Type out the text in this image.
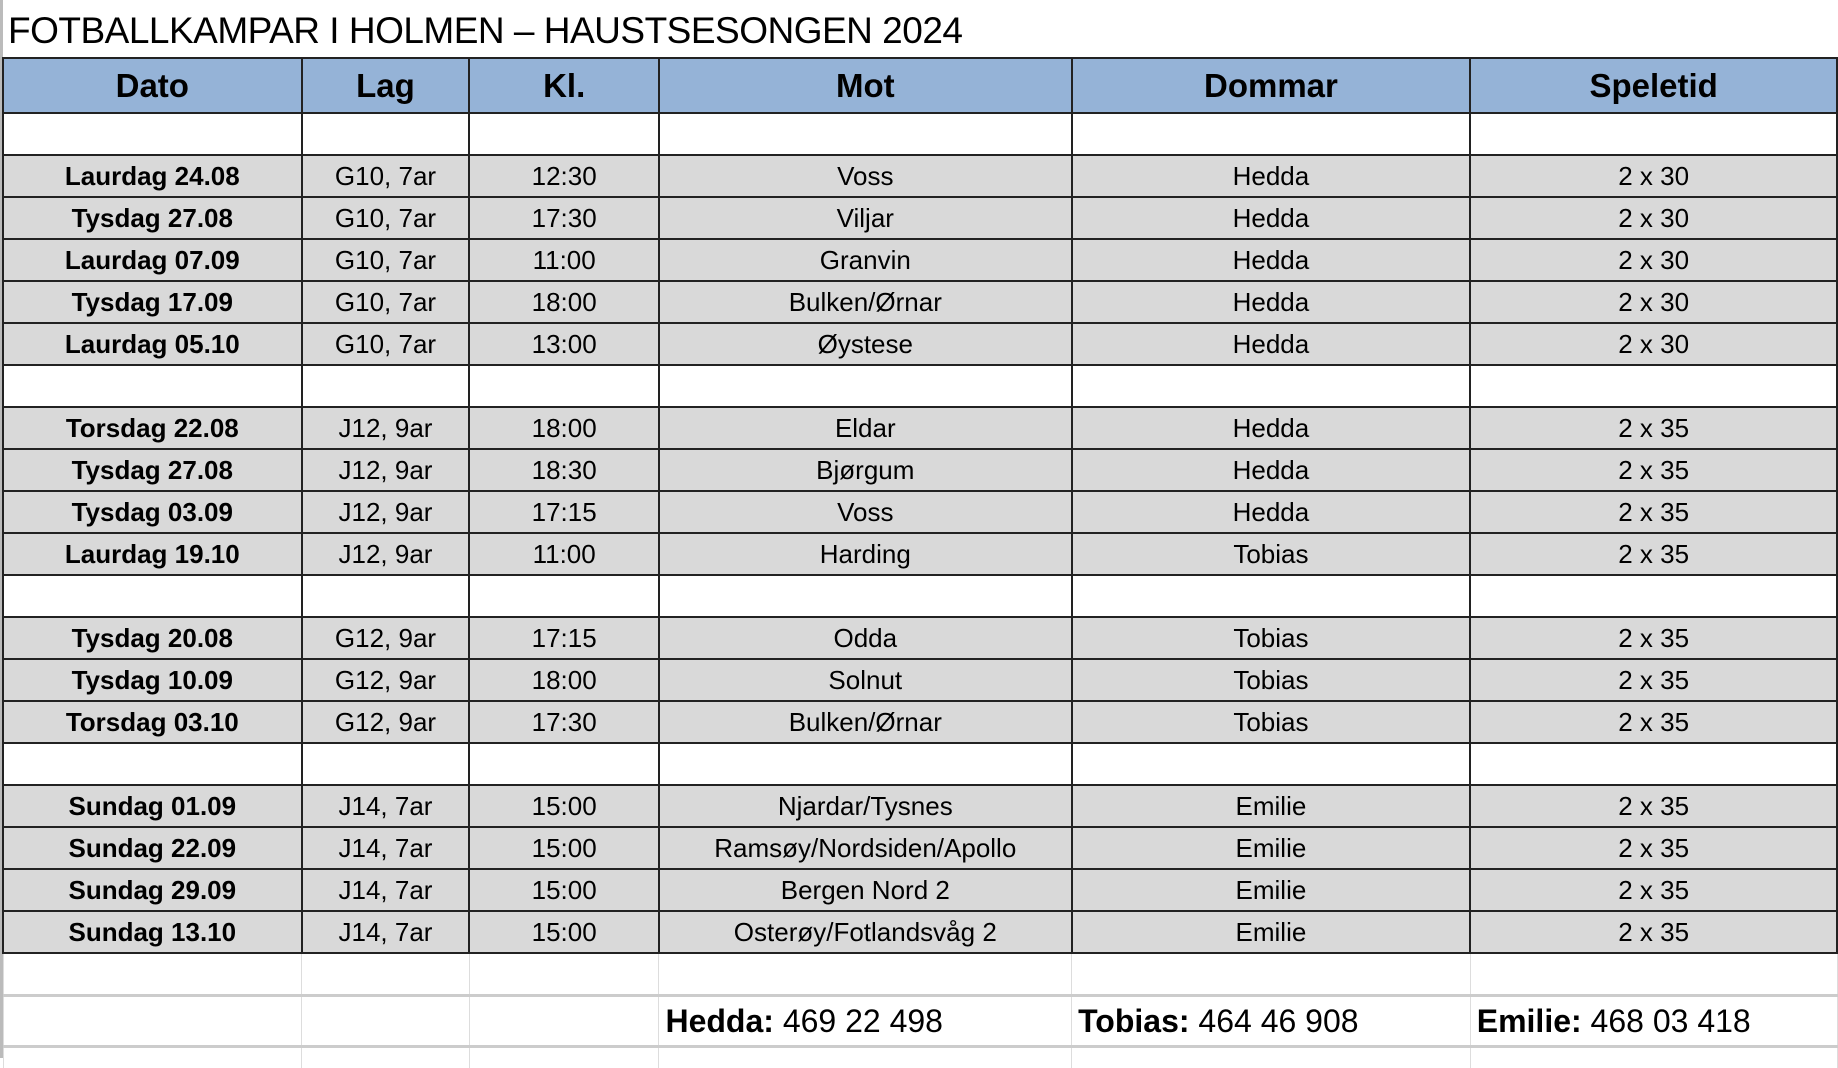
FOTBALLKAMPAR I HOLMEN – HAUSTSESONGEN 2024
Dato	Lag	Kl.	Mot	Dommar	Speletid

Laurdag 24.08	G10, 7ar	12:30	Voss	Hedda	2 x 30
Tysdag 27.08	G10, 7ar	17:30	Viljar	Hedda	2 x 30
Laurdag 07.09	G10, 7ar	11:00	Granvin	Hedda	2 x 30
Tysdag 17.09	G10, 7ar	18:00	Bulken/Ørnar	Hedda	2 x 30
Laurdag 05.10	G10, 7ar	13:00	Øystese	Hedda	2 x 30

Torsdag 22.08	J12, 9ar	18:00	Eldar	Hedda	2 x 35
Tysdag 27.08	J12, 9ar	18:30	Bjørgum	Hedda	2 x 35
Tysdag 03.09	J12, 9ar	17:15	Voss	Hedda	2 x 35
Laurdag 19.10	J12, 9ar	11:00	Harding	Tobias	2 x 35

Tysdag 20.08	G12, 9ar	17:15	Odda	Tobias	2 x 35
Tysdag 10.09	G12, 9ar	18:00	Solnut	Tobias	2 x 35
Torsdag 03.10	G12, 9ar	17:30	Bulken/Ørnar	Tobias	2 x 35

Sundag 01.09	J14, 7ar	15:00	Njardar/Tysnes	Emilie	2 x 35
Sundag 22.09	J14, 7ar	15:00	Ramsøy/Nordsiden/Apollo	Emilie	2 x 35
Sundag 29.09	J14, 7ar	15:00	Bergen Nord 2	Emilie	2 x 35
Sundag 13.10	J14, 7ar	15:00	Osterøy/Fotlandsvåg 2	Emilie	2 x 35

			Hedda: 469 22 498	Tobias: 464 46 908	Emilie: 468 03 418
